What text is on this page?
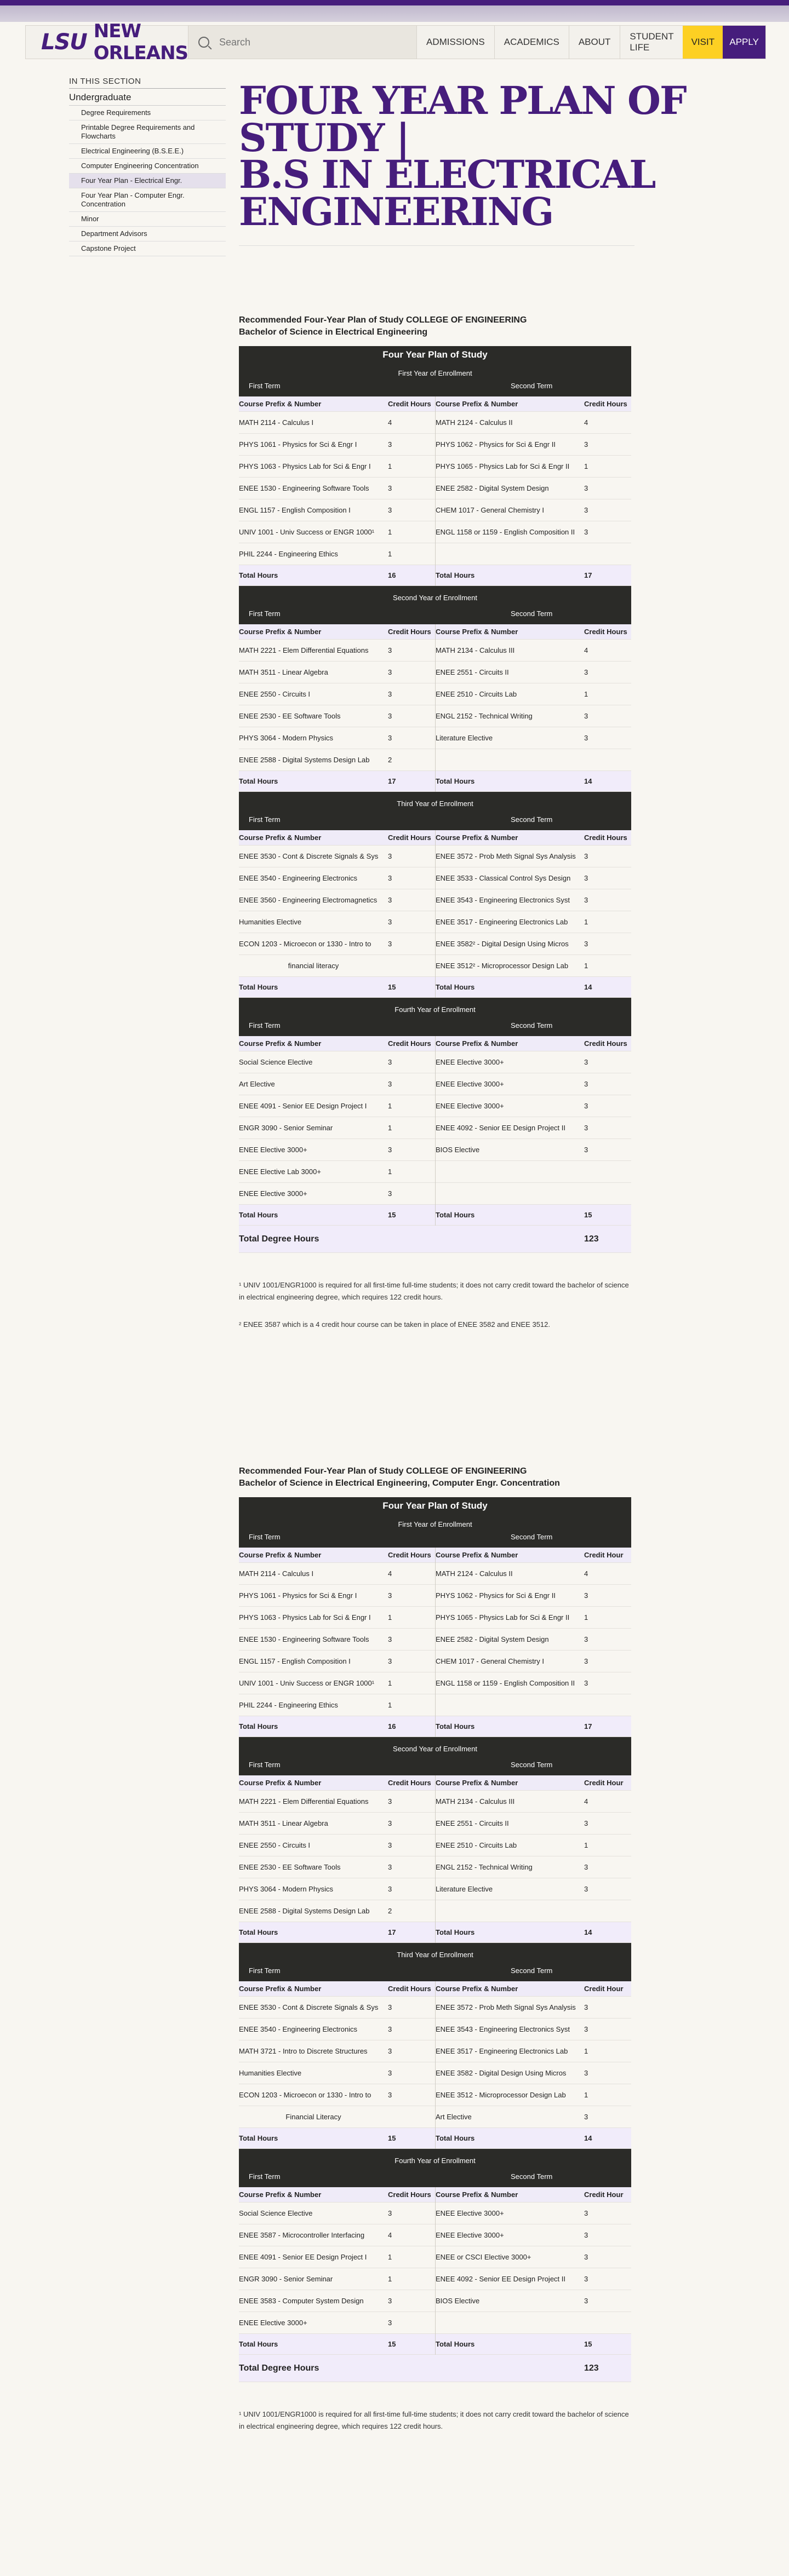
LSU NEW ORLEANS
Search
ADMISSIONS	ACADEMICS	ABOUT
STUDENT LIFE
VISIT	APPLY
IN THIS SECTION
Undergraduate
Degree Requirements
Printable Degree Requirements and Flowcharts
Electrical Engineering (B.S.E.E.)
Computer Engineering Concentration
Four Year Plan - Electrical Engr.
Four Year Plan - Computer Engr. Concentration
Minor
Department Advisors
Capstone Project
FOUR YEAR PLAN OF STUDY |
B.S IN ELECTRICAL ENGINEERING
Recommended Four-Year Plan of Study COLLEGE OF ENGINEERING
Bachelor of Science in Electrical Engineering
Four Year Plan of Study
First Year of Enrollment
First Term	Second Term
Course Prefix & Number	Credit Hours Course Prefix & Number	Credit Hours
MATH 2114 - Calculus I	4	MATH 2124 - Calculus II	4
PHYS 1061 - Physics for Sci & Engr I	3	PHYS 1062 - Physics for Sci & Engr II	3
PHYS 1063 - Physics Lab for Sci & Engr I	1	PHYS 1065 - Physics Lab for Sci & Engr II	1
ENEE 1530 - Engineering Software Tools	3	ENEE 2582 - Digital System Design	3
ENGL 1157 - English Composition I	3	CHEM 1017 - General Chemistry I	3
UNIV 1001 - Univ Success or ENGR 1000¹	1	ENGL 1158 or 1159 - English Composition II	3
PHIL 2244 - Engineering Ethics	1
Total Hours	16	Total Hours	17
Second Year of Enrollment
First Term	Second Term
Course Prefix & Number	Credit Hours Course Prefix & Number	Credit Hours
MATH 2221 - Elem Differential Equations	3	MATH 2134 - Calculus III	4
MATH 3511 - Linear Algebra	3	ENEE 2551 - Circuits II	3
ENEE 2550 - Circuits I	3	ENEE 2510 - Circuits Lab	1
ENEE 2530 - EE Software Tools	3	ENGL 2152 - Technical Writing	3
PHYS 3064 - Modern Physics	3	Literature Elective	3
ENEE 2588 - Digital Systems Design Lab	2
Total Hours	17	Total Hours	14
Third Year of Enrollment
First Term	Second Term
Course Prefix & Number	Credit Hours Course Prefix & Number	Credit Hours
ENEE 3530 - Cont & Discrete Signals & Sys	3	ENEE 3572 - Prob Meth Signal Sys Analysis	3
ENEE 3540 - Engineering Electronics	3	ENEE 3533 - Classical Control Sys Design	3
ENEE 3560 - Engineering Electromagnetics	3	ENEE 3543 - Engineering Electronics Syst	3
Humanities Elective	3	ENEE 3517 - Engineering Electronics Lab	1
ECON 1203 - Microecon or 1330 - Intro to	3	ENEE 3582² - Digital Design Using Micros	3
financial literacy	ENEE 3512² - Microprocessor Design Lab	1
Total Hours	15	Total Hours	14
Fourth Year of Enrollment
First Term	Second Term
Course Prefix & Number	Credit Hours Course Prefix & Number	Credit Hours
Social Science Elective	3	ENEE Elective 3000+	3
Art Elective	3	ENEE Elective 3000+	3
ENEE 4091 - Senior EE Design Project I	1	ENEE Elective 3000+	3
ENGR 3090 - Senior Seminar	1	ENEE 4092 - Senior EE Design Project II	3
ENEE Elective 3000+	3	BIOS Elective	3
ENEE Elective Lab 3000+	1
ENEE Elective 3000+	3
Total Hours	15	Total Hours	15
Total Degree Hours	123
¹ UNIV 1001/ENGR1000 is required for all first-time full-time students; it does not carry credit toward the bachelor of science in electrical engineering degree, which requires 122 credit hours.
² ENEE 3587 which is a 4 credit hour course can be taken in place of ENEE 3582 and ENEE 3512.
Recommended Four-Year Plan of Study COLLEGE OF ENGINEERING
Bachelor of Science in Electrical Engineering, Computer Engr. Concentration
Four Year Plan of Study
First Year of Enrollment
First Term	Second Term
Course Prefix & Number	Credit Hours Course Prefix & Number	Credit Hour
MATH 2114 - Calculus I	4	MATH 2124 - Calculus II	4
PHYS 1061 - Physics for Sci & Engr I	3	PHYS 1062 - Physics for Sci & Engr II	3
PHYS 1063 - Physics Lab for Sci & Engr I	1	PHYS 1065 - Physics Lab for Sci & Engr II	1
ENEE 1530 - Engineering Software Tools	3	ENEE 2582 - Digital System Design	3
ENGL 1157 - English Composition I	3	CHEM 1017 - General Chemistry I	3
UNIV 1001 - Univ Success or ENGR 1000¹	1	ENGL 1158 or 1159 - English Composition II	3
PHIL 2244 - Engineering Ethics	1
Total Hours	16	Total Hours	17
Second Year of Enrollment
First Term	Second Term
Course Prefix & Number	Credit Hours Course Prefix & Number	Credit Hour
MATH 2221 - Elem Differential Equations	3	MATH 2134 - Calculus III	4
MATH 3511 - Linear Algebra	3	ENEE 2551 - Circuits II	3
ENEE 2550 - Circuits I	3	ENEE 2510 - Circuits Lab	1
ENEE 2530 - EE Software Tools	3	ENGL 2152 - Technical Writing	3
PHYS 3064 - Modern Physics	3	Literature Elective	3
ENEE 2588 - Digital Systems Design Lab	2
Total Hours	17	Total Hours	14
Third Year of Enrollment
First Term	Second Term
Course Prefix & Number	Credit Hours Course Prefix & Number	Credit Hour
ENEE 3530 - Cont & Discrete Signals & Sys	3	ENEE 3572 - Prob Meth Signal Sys Analysis	3
ENEE 3540 - Engineering Electronics	3	ENEE 3543 - Engineering Electronics Syst	3
MATH 3721 - Intro to Discrete Structures	3	ENEE 3517 - Engineering Electronics Lab	1
Humanities Elective	3	ENEE 3582 - Digital Design Using Micros	3
ECON 1203 - Microecon or 1330 - Intro to	3	ENEE 3512 - Microprocessor Design Lab	1
Financial Literacy	Art Elective	3
Total Hours	15	Total Hours	14
Fourth Year of Enrollment
First Term	Second Term
Course Prefix & Number	Credit Hours Course Prefix & Number	Credit Hour
Social Science Elective	3	ENEE Elective 3000+	3
ENEE 3587 - Microcontroller Interfacing	4	ENEE Elective 3000+	3
ENEE 4091 - Senior EE Design Project I	1	ENEE or CSCI Elective 3000+	3
ENGR 3090 - Senior Seminar	1	ENEE 4092 - Senior EE Design Project II	3
ENEE 3583 - Computer System Design	3	BIOS Elective	3
ENEE Elective 3000+	3
Total Hours	15	Total Hours	15
Total Degree Hours	123
¹ UNIV 1001/ENGR1000 is required for all first-time full-time students; it does not carry credit toward the bachelor of science in electrical engineering degree, which requires 122 credit hours.
